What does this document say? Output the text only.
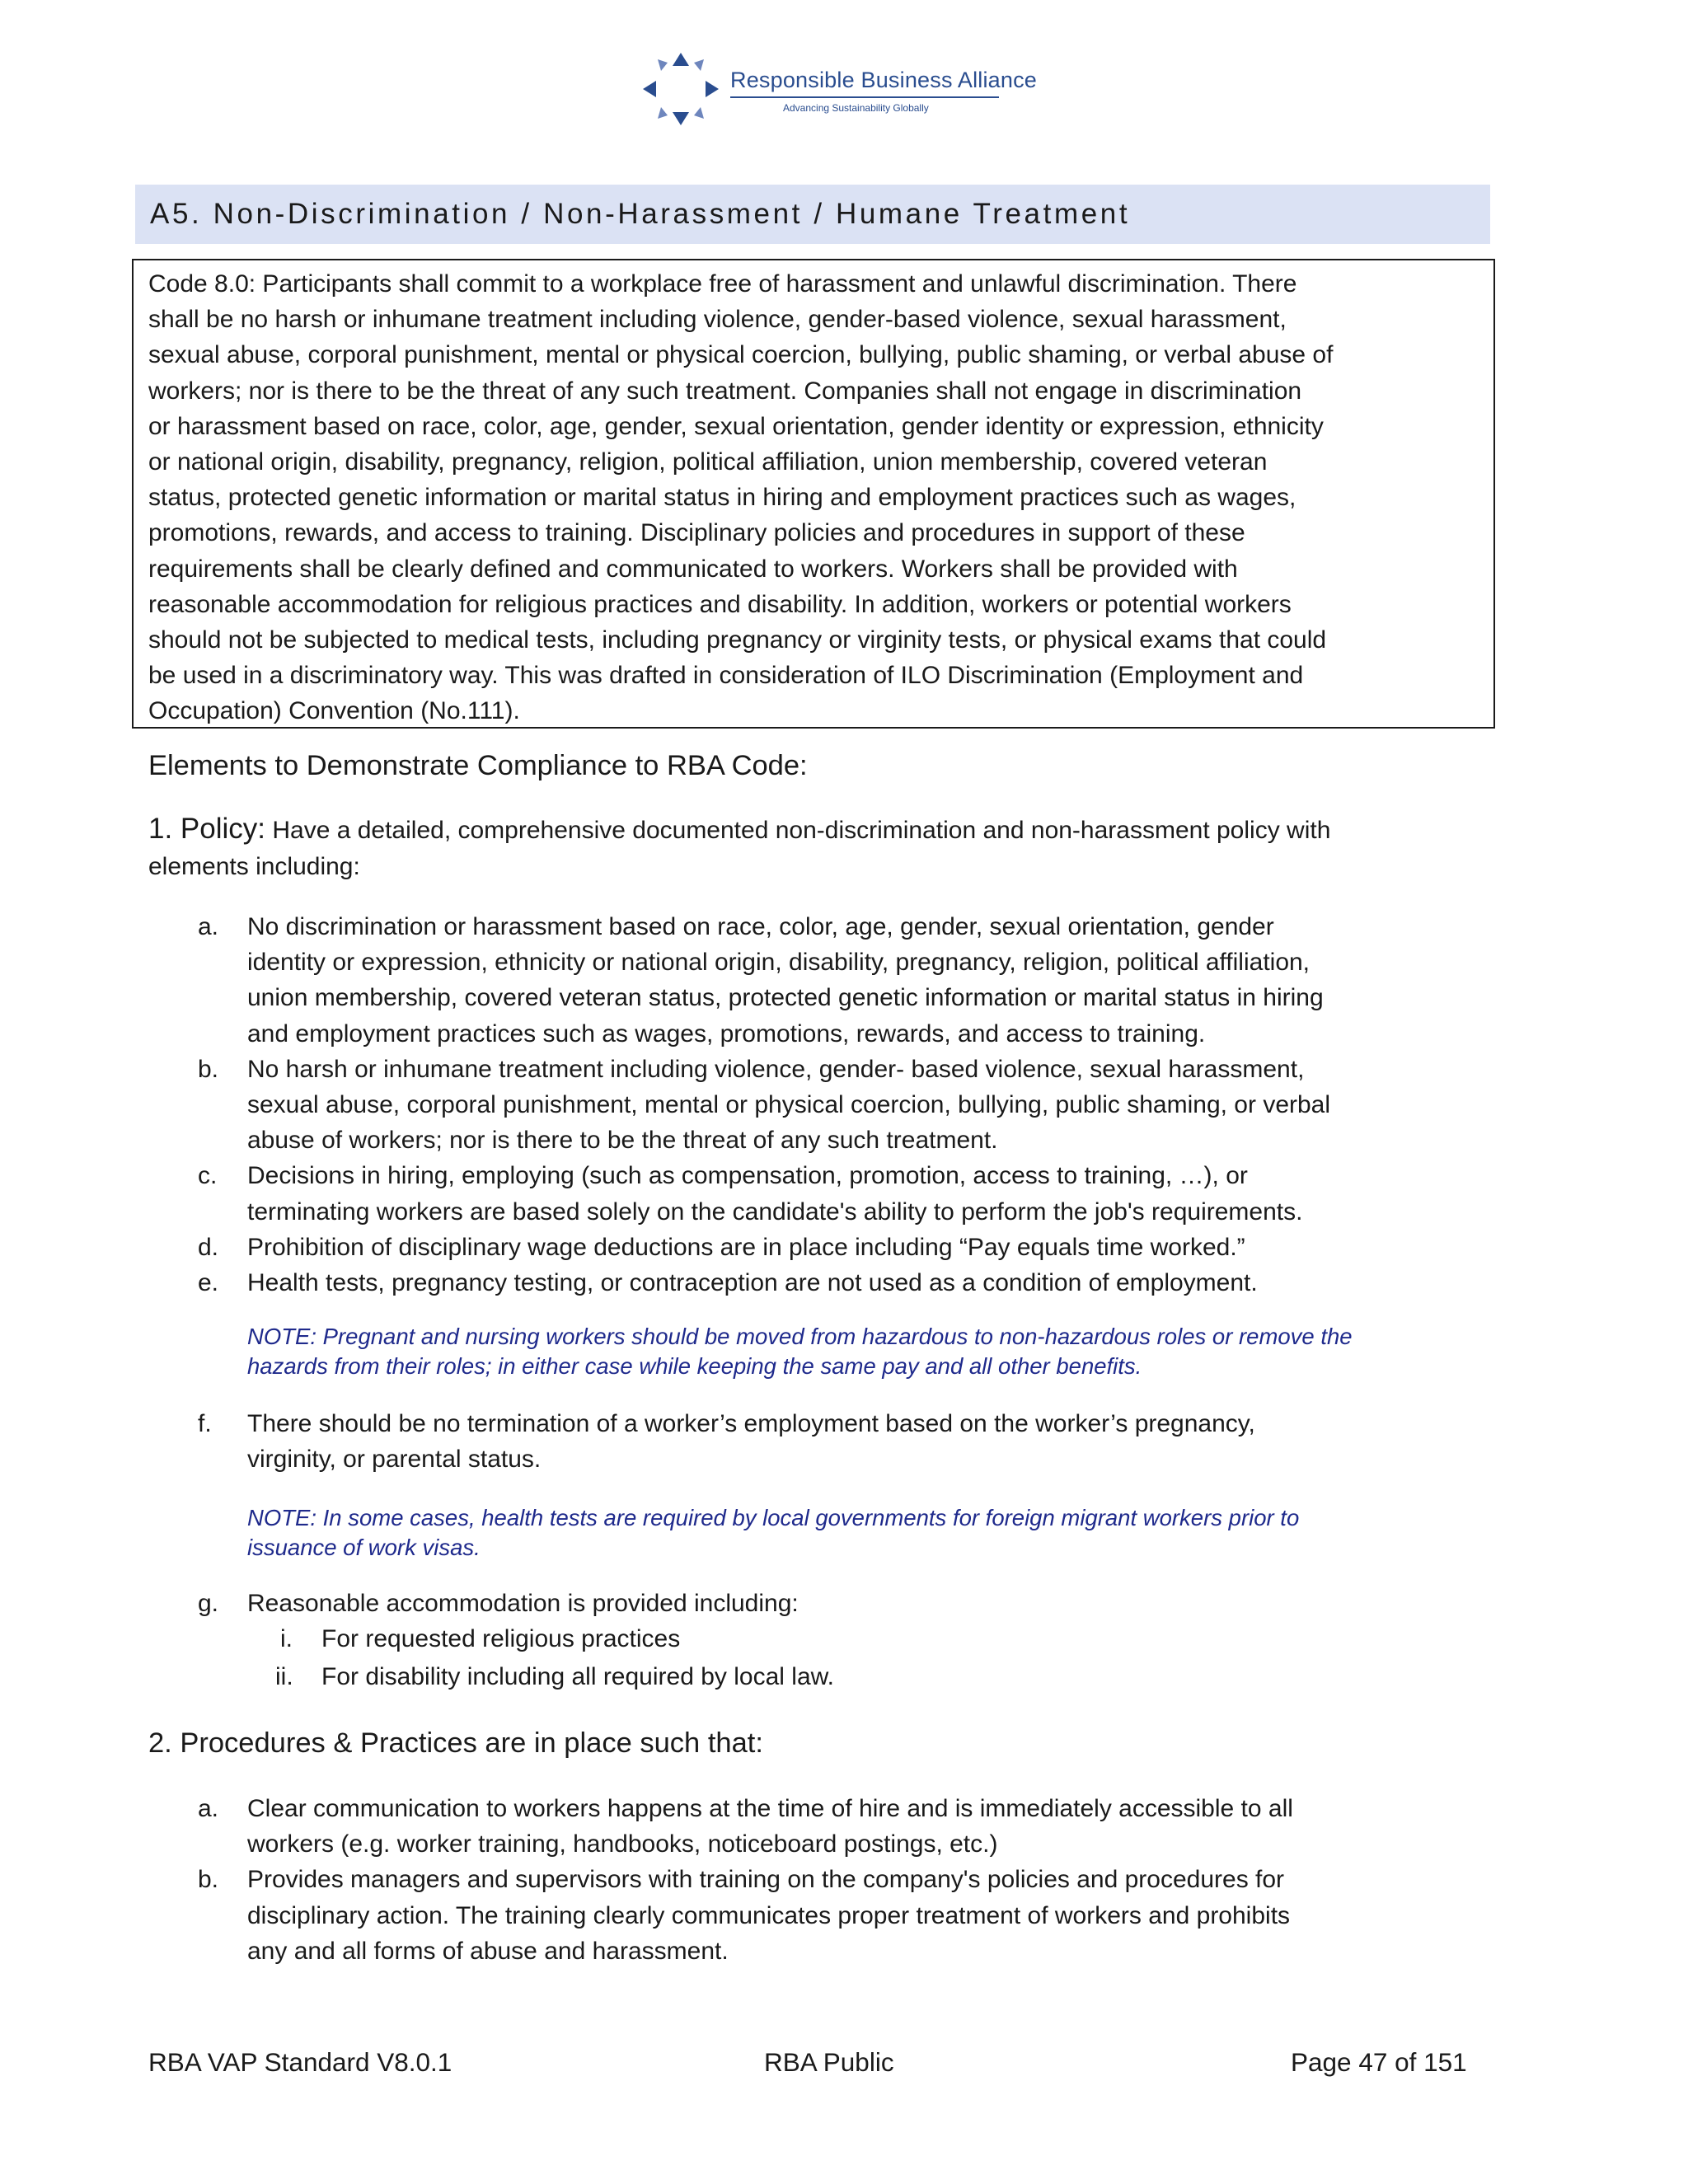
Responsible Business Alliance
Advancing Sustainability Globally
A5. Non-Discrimination / Non-Harassment / Humane Treatment
Code 8.0: Participants shall commit to a workplace free of harassment and unlawful discrimination. There
shall be no harsh or inhumane treatment including violence, gender-based violence, sexual harassment,
sexual abuse, corporal punishment, mental or physical coercion, bullying, public shaming, or verbal abuse of
workers; nor is there to be the threat of any such treatment. Companies shall not engage in discrimination
or harassment based on race, color, age, gender, sexual orientation, gender identity or expression, ethnicity
or national origin, disability, pregnancy, religion, political affiliation, union membership, covered veteran
status, protected genetic information or marital status in hiring and employment practices such as wages,
promotions, rewards, and access to training. Disciplinary policies and procedures in support of these
requirements shall be clearly defined and communicated to workers. Workers shall be provided with
reasonable accommodation for religious practices and disability. In addition, workers or potential workers
should not be subjected to medical tests, including pregnancy or virginity tests, or physical exams that could
be used in a discriminatory way. This was drafted in consideration of ILO Discrimination (Employment and
Occupation) Convention (No.111).
Elements to Demonstrate Compliance to RBA Code:
1. Policy: Have a detailed, comprehensive documented non-discrimination and non-harassment policy with
elements including:
a.	No discrimination or harassment based on race, color, age, gender, sexual orientation, gender
identity or expression, ethnicity or national origin, disability, pregnancy, religion, political affiliation,
union membership, covered veteran status, protected genetic information or marital status in hiring
and employment practices such as wages, promotions, rewards, and access to training.
b.	No harsh or inhumane treatment including violence, gender- based violence, sexual harassment,
sexual abuse, corporal punishment, mental or physical coercion, bullying, public shaming, or verbal
abuse of workers; nor is there to be the threat of any such treatment.
c.	Decisions in hiring, employing (such as compensation, promotion, access to training, …), or
terminating workers are based solely on the candidate's ability to perform the job's requirements.
d.	Prohibition of disciplinary wage deductions are in place including “Pay equals time worked.”
e.	Health tests, pregnancy testing, or contraception are not used as a condition of employment.
NOTE: Pregnant and nursing workers should be moved from hazardous to non-hazardous roles or remove the
hazards from their roles; in either case while keeping the same pay and all other benefits.
f.	There should be no termination of a worker’s employment based on the worker’s pregnancy,
virginity, or parental status.
NOTE: In some cases, health tests are required by local governments for foreign migrant workers prior to
issuance of work visas.
g.	Reasonable accommodation is provided including:
i. For requested religious practices
ii. For disability including all required by local law.
2. Procedures & Practices are in place such that:
a.	Clear communication to workers happens at the time of hire and is immediately accessible to all
workers (e.g. worker training, handbooks, noticeboard postings, etc.)
b.	Provides managers and supervisors with training on the company's policies and procedures for
disciplinary action. The training clearly communicates proper treatment of workers and prohibits
any and all forms of abuse and harassment.
RBA VAP Standard V8.0.1	RBA Public	Page 47 of 151
